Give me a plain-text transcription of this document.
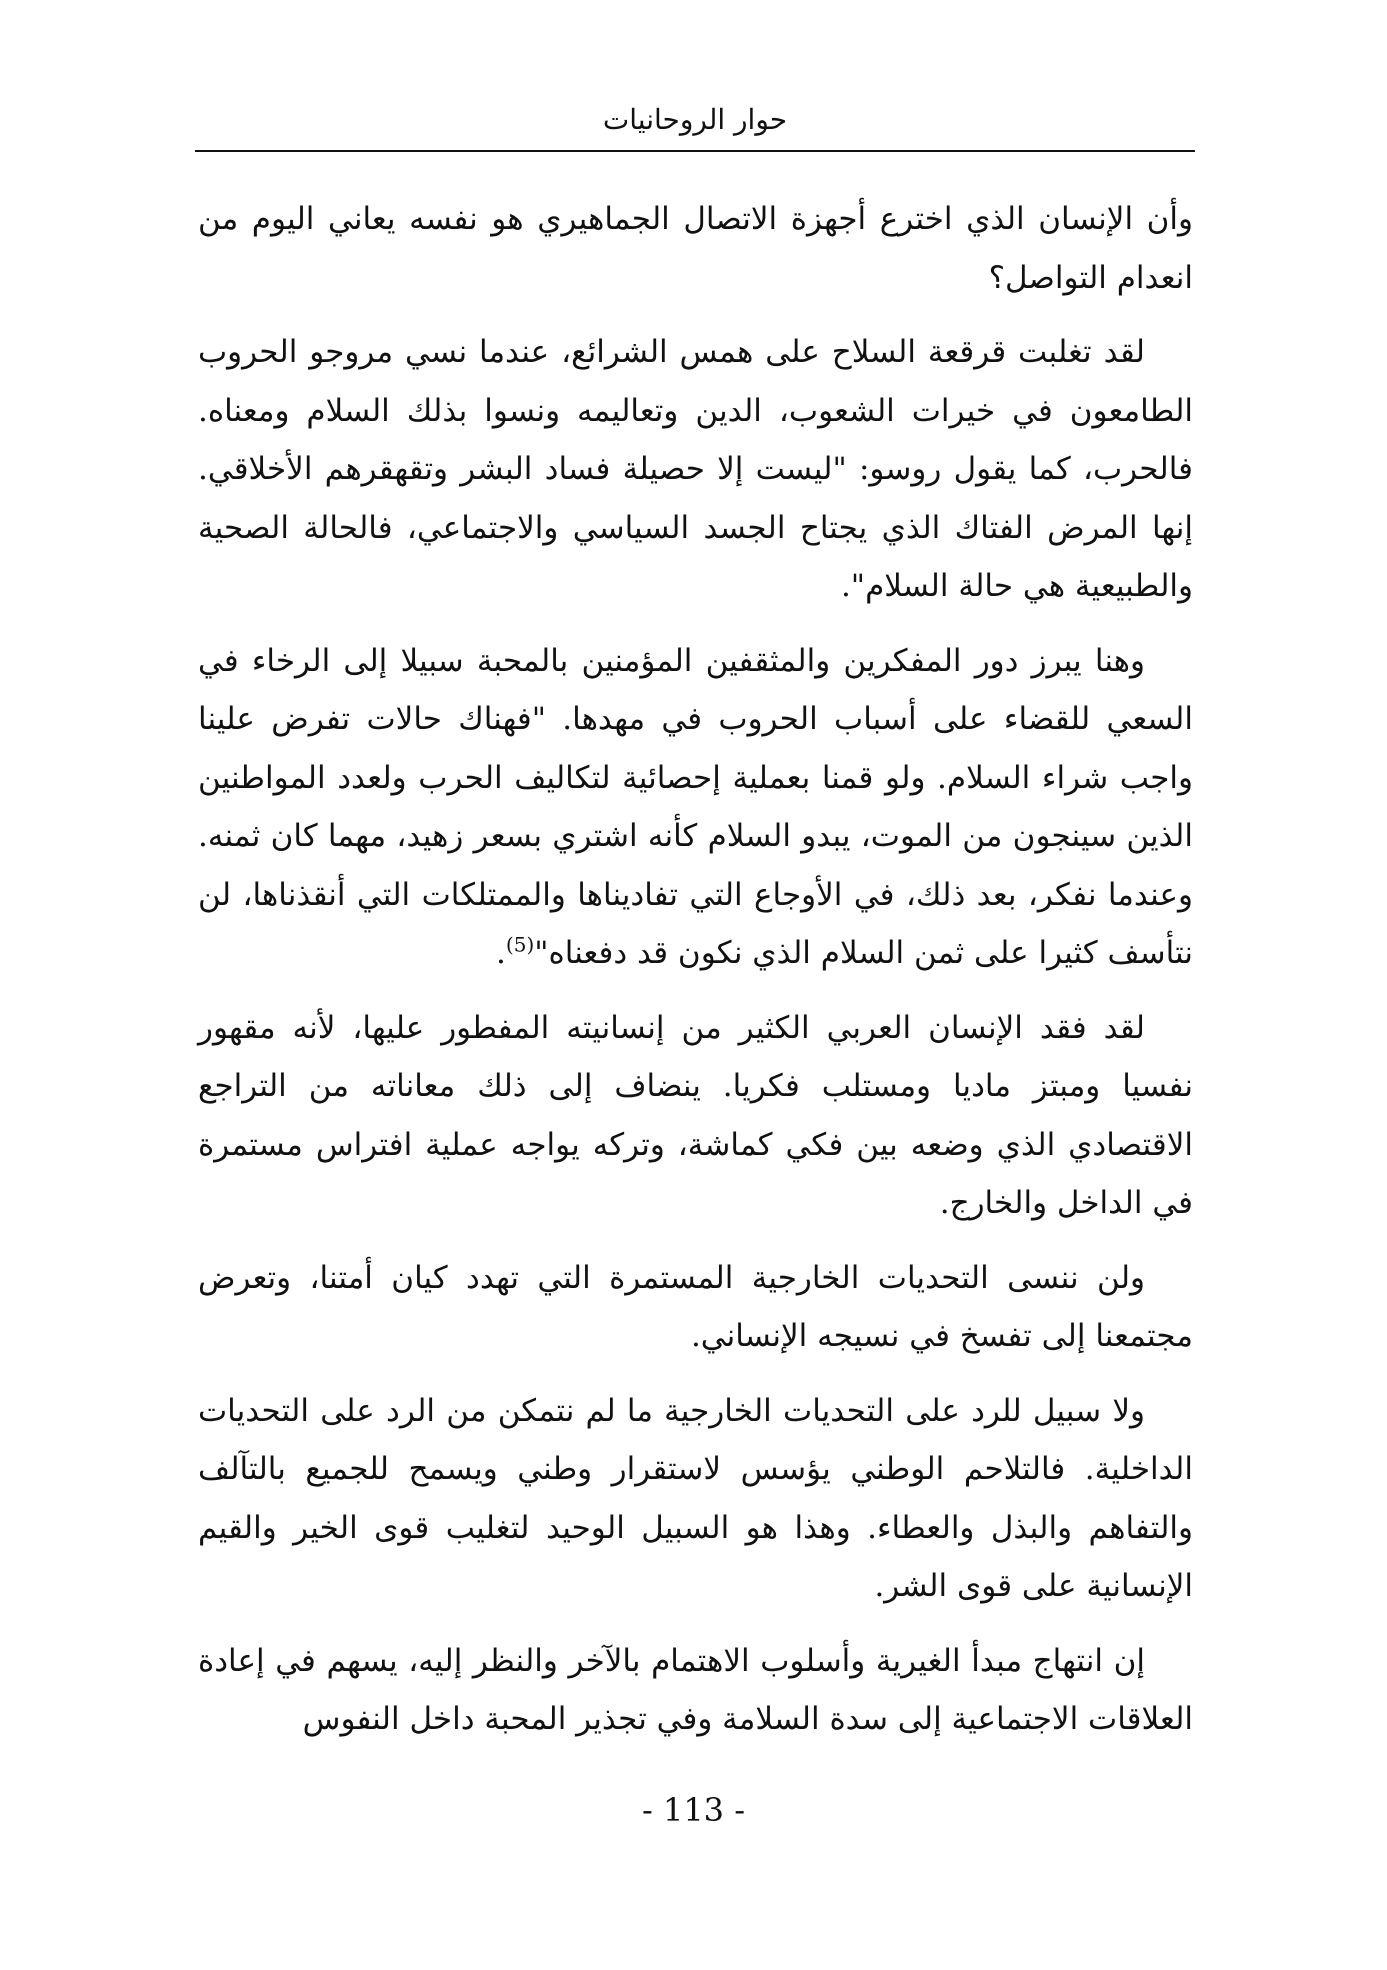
حوار الروحانيات

وأن الإنسان الذي اخترع أجهزة الاتصال الجماهيري هو نفسه يعاني اليوم من انعدام التواصل؟

لقد تغلبت قرقعة السلاح على همس الشرائع، عندما نسي مروجو الحروب الطامعون في خيرات الشعوب، الدين وتعاليمه ونسوا بذلك السلام ومعناه. فالحرب، كما يقول روسو: "ليست إلا حصيلة فساد البشر وتقهقرهم الأخلاقي. إنها المرض الفتاك الذي يجتاح الجسد السياسي والاجتماعي، فالحالة الصحية والطبيعية هي حالة السلام".

وهنا يبرز دور المفكرين والمثقفين المؤمنين بالمحبة سبيلا إلى الرخاء في السعي للقضاء على أسباب الحروب في مهدها. "فهناك حالات تفرض علينا واجب شراء السلام. ولو قمنا بعملية إحصائية لتكاليف الحرب ولعدد المواطنين الذين سينجون من الموت، يبدو السلام كأنه اشتري بسعر زهيد، مهما كان ثمنه. وعندما نفكر، بعد ذلك، في الأوجاع التي تفاديناها والممتلكات التي أنقذناها، لن نتأسف كثيرا على ثمن السلام الذي نكون قد دفعناه"$^{(5)}$.

لقد فقد الإنسان العربي الكثير من إنسانيته المفطور عليها، لأنه مقهور نفسيا ومبتز ماديا ومستلب فكريا. ينضاف إلى ذلك معاناته من التراجع الاقتصادي الذي وضعه بين فكي كماشة، وتركه يواجه عملية افتراس مستمرة في الداخل والخارج.

ولن ننسى التحديات الخارجية المستمرة التي تهدد كيان أمتنا، وتعرض مجتمعنا إلى تفسخ في نسيجه الإنساني.

ولا سبيل للرد على التحديات الخارجية ما لم نتمكن من الرد على التحديات الداخلية. فالتلاحم الوطني يؤسس لاستقرار وطني ويسمح للجميع بالتآلف والتفاهم والبذل والعطاء. وهذا هو السبيل الوحيد لتغليب قوى الخير والقيم الإنسانية على قوى الشر.

إن انتهاج مبدأ الغيرية وأسلوب الاهتمام بالآخر والنظر إليه، يسهم في إعادة العلاقات الاجتماعية إلى سدة السلامة وفي تجذير المحبة داخل النفوس

- 113 -
